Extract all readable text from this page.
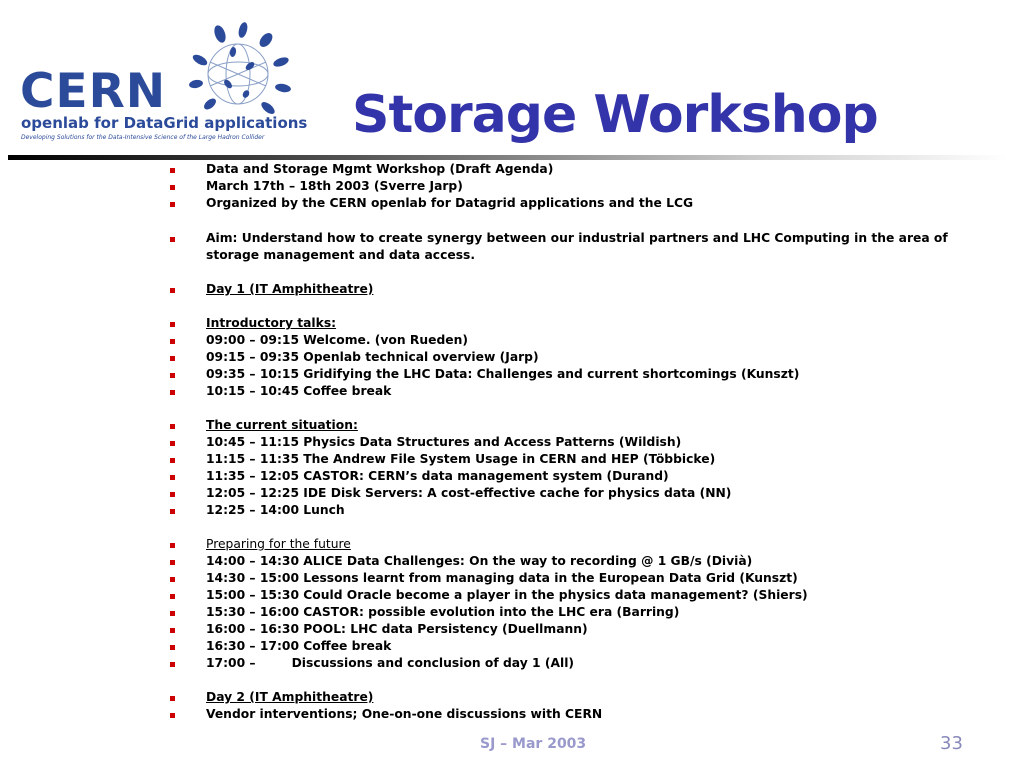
CERN
openlab for DataGrid applications
Developing Solutions for the Data-Intensive Science of the Large Hadron Collider Storage Workshop
Data and Storage Mgmt Workshop (Draft Agenda)
March 17th – 18th 2003 (Sverre Jarp)
Organized by the CERN openlab for Datagrid applications and the LCG
Aim: Understand how to create synergy between our industrial partners and LHC Computing in the area of storage management and data access.
Day 1 (IT Amphitheatre)
Introductory talks:
09:00 – 09:15 Welcome. (von Rueden)
09:15 – 09:35 Openlab technical overview (Jarp)
09:35 – 10:15 Gridifying the LHC Data: Challenges and current shortcomings (Kunszt)
10:15 – 10:45 Coffee break
The current situation:
10:45 – 11:15 Physics Data Structures and Access Patterns (Wildish)
11:15 – 11:35 The Andrew File System Usage in CERN and HEP (Többicke)
11:35 – 12:05 CASTOR: CERN’s data management system (Durand)
12:05 – 12:25 IDE Disk Servers: A cost-effective cache for physics data (NN)
12:25 – 14:00 Lunch
Preparing for the future
14:00 – 14:30 ALICE Data Challenges: On the way to recording @ 1 GB/s (Divià)
14:30 – 15:00 Lessons learnt from managing data in the European Data Grid (Kunszt)
15:00 – 15:30 Could Oracle become a player in the physics data management? (Shiers)
15:30 – 16:00 CASTOR: possible evolution into the LHC era (Barring)
16:00 – 16:30 POOL: LHC data Persistency (Duellmann)
16:30 – 17:00 Coffee break
17:00 –	Discussions and conclusion of day 1 (All)
Day 2 (IT Amphitheatre)
Vendor interventions; One-on-one discussions with CERN
SJ – Mar 2003	33
